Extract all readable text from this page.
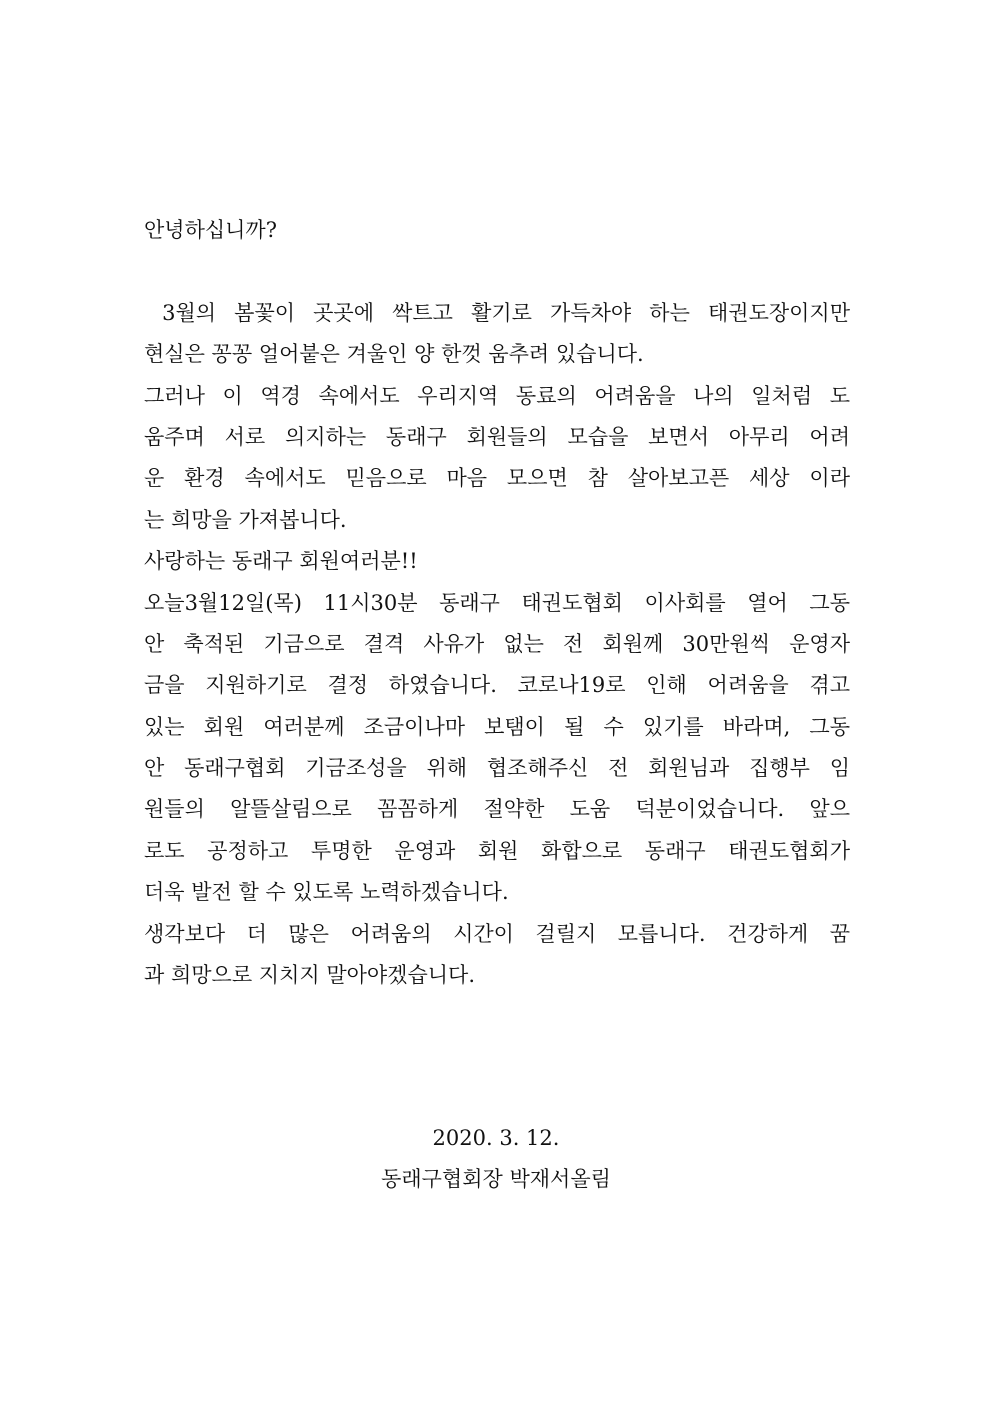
안녕하십니까?
3월의 봄꽃이 곳곳에 싹트고 활기로 가득차야 하는 태권도장이지만
현실은 꽁꽁 얼어붙은 겨울인 양 한껏 움추려 있습니다.
그러나 이 역경 속에서도 우리지역 동료의 어려움을 나의 일처럼 도
움주며 서로 의지하는 동래구 회원들의 모습을 보면서 아무리 어려
운 환경 속에서도 믿음으로 마음 모으면 참 살아보고픈 세상 이라
는 희망을 가져봅니다.
사랑하는 동래구 회원여러분!!
오늘3월12일(목) 11시30분 동래구 태권도협회 이사회를 열어 그동
안 축적된 기금으로 결격 사유가 없는 전 회원께 30만원씩 운영자
금을 지원하기로 결정 하였습니다. 코로나19로 인해 어려움을 겪고
있는 회원 여러분께 조금이나마 보탬이 될 수 있기를 바라며, 그동
안 동래구협회 기금조성을 위해 협조해주신 전 회원님과 집행부 임
원들의 알뜰살림으로 꼼꼼하게 절약한 도움 덕분이었습니다. 앞으
로도 공정하고 투명한 운영과 회원 화합으로 동래구 태권도협회가
더욱 발전 할 수 있도록 노력하겠습니다.
생각보다 더 많은 어려움의 시간이 걸릴지 모릅니다. 건강하게 꿈
과 희망으로 지치지 말아야겠습니다.
2020. 3. 12.
동래구협회장 박재서올림
